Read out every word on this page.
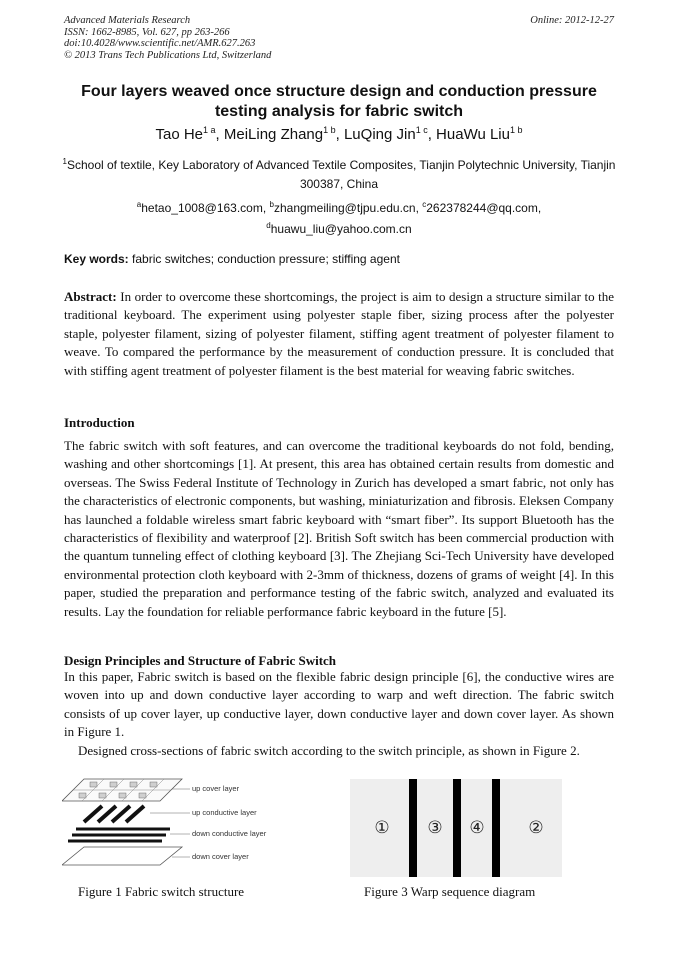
Advanced Materials Research
ISSN: 1662-8985, Vol. 627, pp 263-266
doi:10.4028/www.scientific.net/AMR.627.263
© 2013 Trans Tech Publications Ltd, Switzerland
Online: 2012-12-27
Four layers weaved once structure design and conduction pressure testing analysis for fabric switch
Tao $He^{1 a}$, MeiLing Zhang$^{1 b}$, LuQing Jin$^{1 c}$, HuaWu Liu$^{1 b}$
$^1$School of textile, Key Laboratory of Advanced Textile Composites, Tianjin Polytechnic University, Tianjin 300387, China
$^a$hetao_1008@163.com, $^b$zhangmeiling@tjpu.edu.cn, $^c$262378244@qq.com,
$^d$huawu_liu@yahoo.com.cn
Key words: fabric switches; conduction pressure; stiffing agent
Abstract: In order to overcome these shortcomings, the project is aim to design a structure similar to the traditional keyboard. The experiment using polyester staple fiber, sizing process after the polyester staple, polyester filament, sizing of polyester filament, stiffing agent treatment of polyester filament to weave. To compared the performance by the measurement of conduction pressure. It is concluded that with stiffing agent treatment of polyester filament is the best material for weaving fabric switches.
Introduction
The fabric switch with soft features, and can overcome the traditional keyboards do not fold, bending, washing and other shortcomings [1]. At present, this area has obtained certain results from domestic and overseas. The Swiss Federal Institute of Technology in Zurich has developed a smart fabric, not only has the characteristics of electronic components, but washing, miniaturization and fibrosis. Eleksen Company has launched a foldable wireless smart fabric keyboard with “smart fiber”. Its support Bluetooth has the characteristics of flexibility and waterproof [2]. British Soft switch has been commercial production with the quantum tunneling effect of clothing keyboard [3]. The Zhejiang Sci-Tech University have developed environmental protection cloth keyboard with 2-3mm of thickness, dozens of grams of weight [4]. In this paper, studied the preparation and performance testing of the fabric switch, analyzed and evaluated its results. Lay the foundation for reliable performance fabric keyboard in the future [5].
Design Principles and Structure of Fabric Switch
In this paper, Fabric switch is based on the flexible fabric design principle [6], the conductive wires are woven into up and down conductive layer according to warp and weft direction. The fabric switch consists of up cover layer, up conductive layer, down conductive layer and down cover layer. As shown in Figure 1.
Designed cross-sections of fabric switch according to the switch principle, as shown in Figure 2.
up cover layer
up conductive layer
down conductive layer
down cover layer
① ③ ④	②
Figure 1 Fabric switch structure	Figure 3 Warp sequence diagram
